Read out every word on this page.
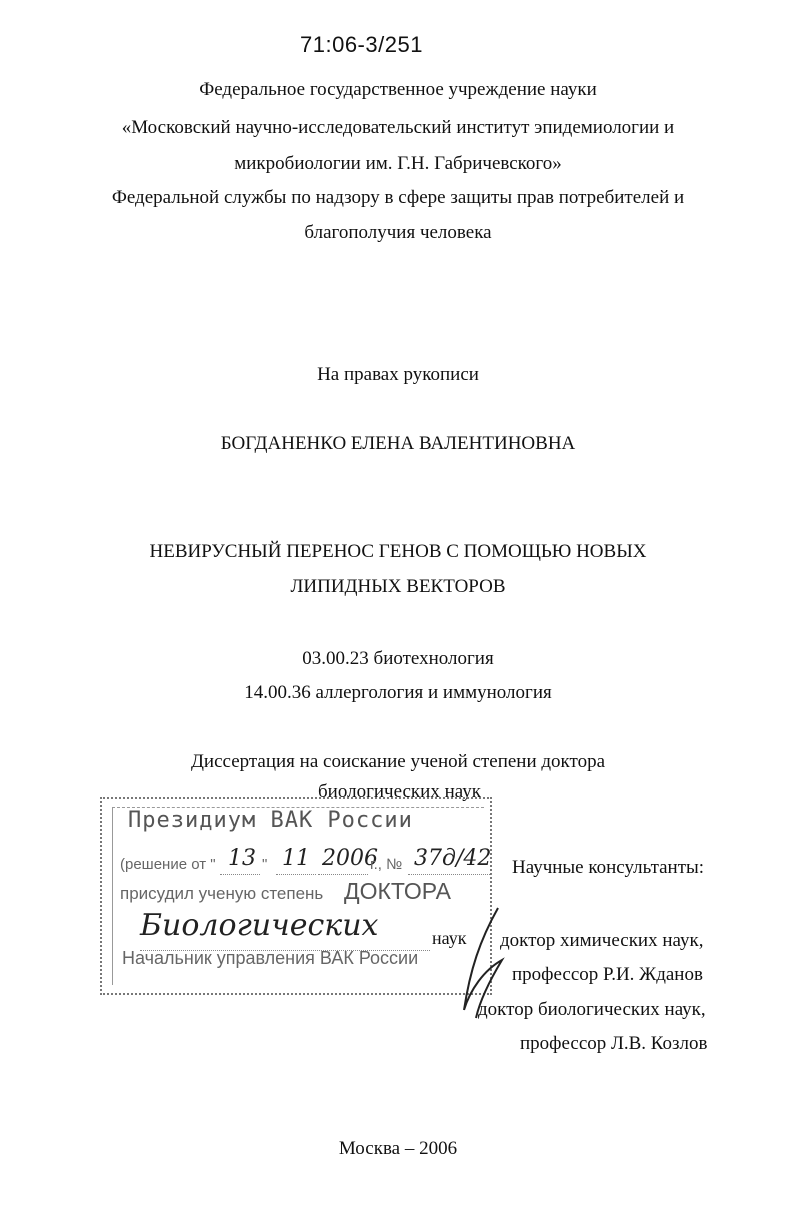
71:06-3/251
Федеральное государственное учреждение науки
«Московский научно-исследовательский институт эпидемиологии и
микробиологии им. Г.Н. Габричевского»
Федеральной службы по надзору в сфере защиты прав потребителей и
благополучия человека
На правах рукописи
БОГДАНЕНКО ЕЛЕНА ВАЛЕНТИНОВНА
НЕВИРУСНЫЙ ПЕРЕНОС ГЕНОВ С ПОМОЩЬЮ НОВЫХ
ЛИПИДНЫХ ВЕКТОРОВ
03.00.23 биотехнология
14.00.36 аллергология и иммунология
Диссертация на соискание ученой степени доктора
биологических наук
Президиум ВАК России
(решение от " 13 " 11 2006
г., № 37д/42
присудил ученую степень ДОКТОРА
Биологических	наук
Начальник управления ВАК России
Научные консультанты:
доктор химических наук,
профессор Р.И. Жданов
доктор биологических наук,
профессор Л.В. Козлов
Москва – 2006
